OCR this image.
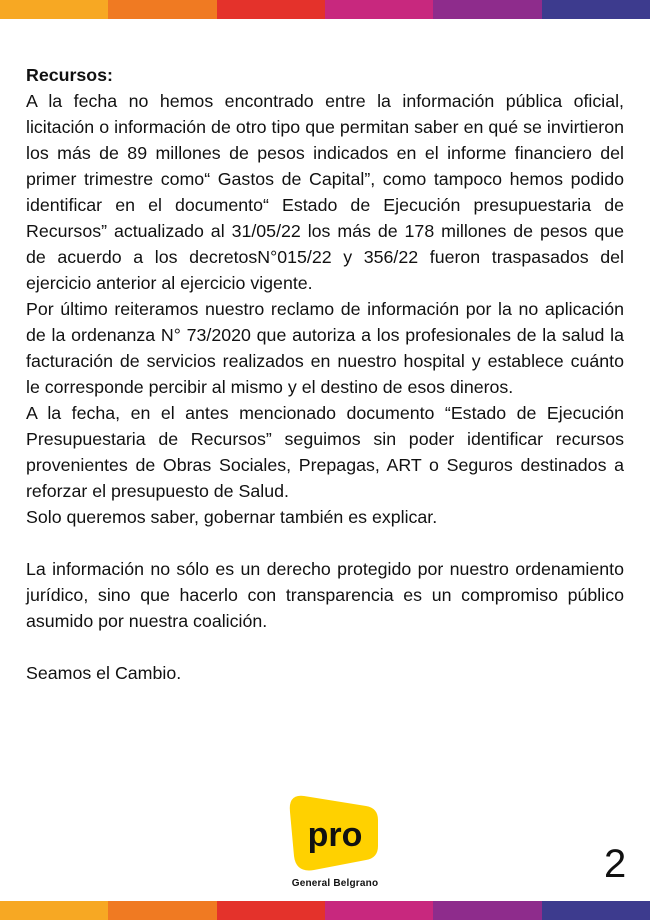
Recursos:

A la fecha no hemos encontrado entre la información pública oficial, licitación o información de otro tipo que permitan saber en qué se invirtieron los más de 89 millones de pesos indicados en el informe financiero del primer trimestre como“ Gastos de Capital”, como tampoco hemos podido identificar en el documento“ Estado de Ejecución presupuestaria de Recursos” actualizado al 31/05/22 los más de 178 millones de pesos que de acuerdo a los decretosN°015/22 y 356/22 fueron traspasados del ejercicio anterior al ejercicio vigente.

Por último reiteramos nuestro reclamo de información por la no aplicación de la ordenanza N° 73/2020 que autoriza a los profesionales de la salud la facturación de servicios realizados en nuestro hospital y establece cuánto le corresponde percibir al mismo y el destino de esos dineros.

A la fecha, en el antes mencionado documento “Estado de Ejecución Presupuestaria de Recursos” seguimos sin poder identificar recursos provenientes de Obras Sociales, Prepagas, ART o Seguros destinados a reforzar el presupuesto de Salud.

Solo queremos saber, gobernar también es explicar.

La información no sólo es un derecho protegido por nuestro ordenamiento jurídico, sino que hacerlo con transparencia es un compromiso público asumido por nuestra coalición.

Seamos el Cambio.

pro
General Belgrano	2
